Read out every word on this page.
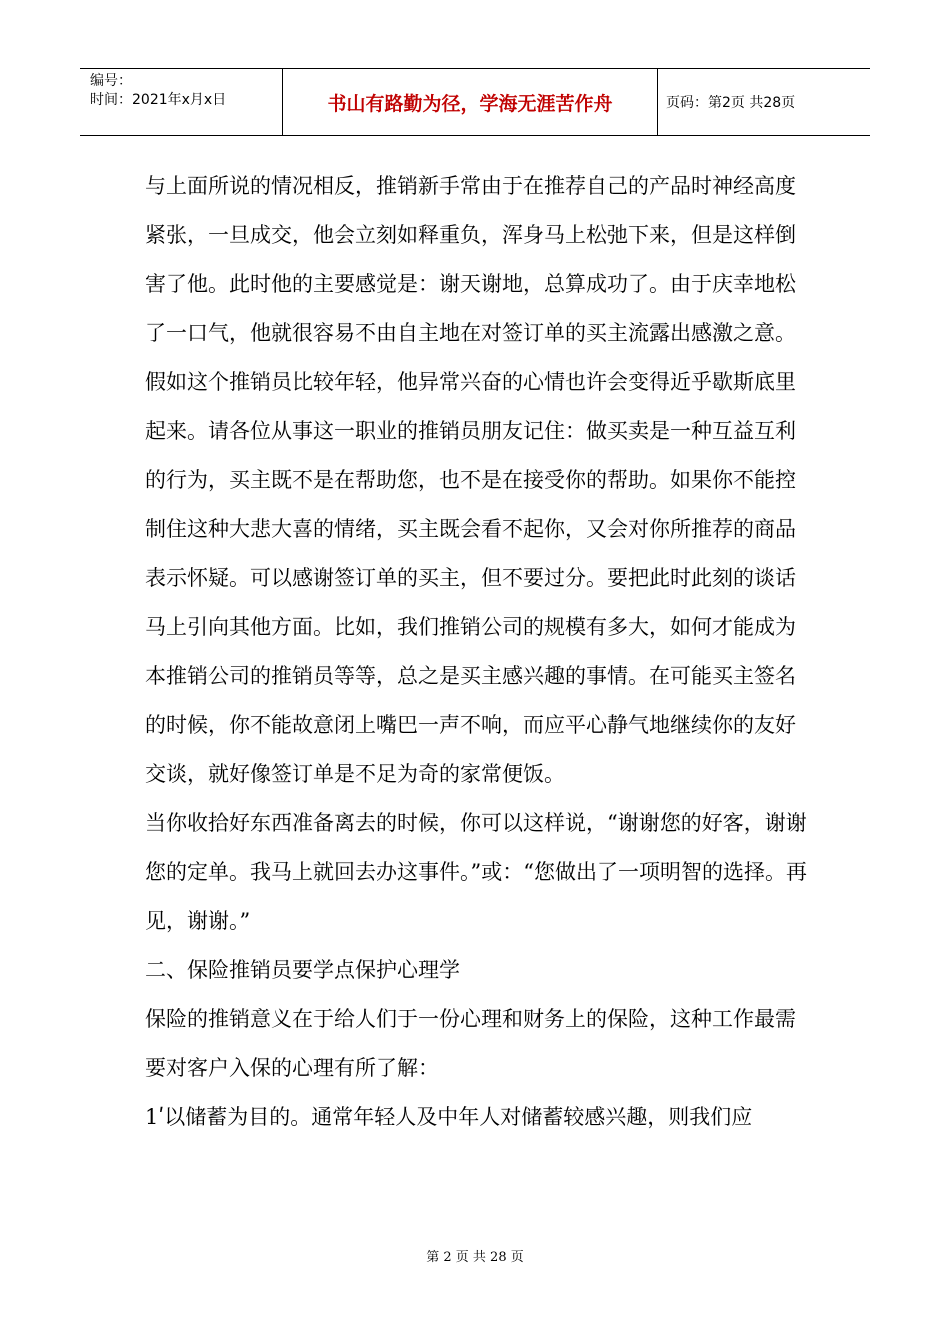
编号：
时间：2021年x月x日	书山有路勤为径，学海无涯苦作舟	页码：第2页 共28页

与上面所说的情况相反，推销新手常由于在推荐自己的产品时神经高度紧张，一旦成交，他会立刻如释重负，浑身马上松弛下来，但是这样倒害了他。此时他的主要感觉是：谢天谢地，总算成功了。由于庆幸地松了一口气，他就很容易不由自主地在对签订单的买主流露出感激之意。假如这个推销员比较年轻，他异常兴奋的心情也许会变得近乎歇斯底里起来。请各位从事这一职业的推销员朋友记住：做买卖是一种互益互利的行为，买主既不是在帮助您，也不是在接受你的帮助。如果你不能控制住这种大悲大喜的情绪，买主既会看不起你，又会对你所推荐的商品表示怀疑。可以感谢签订单的买主，但不要过分。要把此时此刻的谈话马上引向其他方面。比如，我们推销公司的规模有多大，如何才能成为本推销公司的推销员等等，总之是买主感兴趣的事情。在可能买主签名的时候，你不能故意闭上嘴巴一声不响，而应平心静气地继续你的友好交谈，就好像签订单是不足为奇的家常便饭。

当你收拾好东西准备离去的时候，你可以这样说，“谢谢您的好客，谢谢您的定单。我马上就回去办这事件。”或：“您做出了一项明智的选择。再见，谢谢。”

二、保险推销员要学点保护心理学

保险的推销意义在于给人们于一份心理和财务上的保险，这种工作最需要对客户入保的心理有所了解：

1ʹ以储蓄为目的。通常年轻人及中年人对储蓄较感兴趣，则我们应

第 2 页 共 28 页
